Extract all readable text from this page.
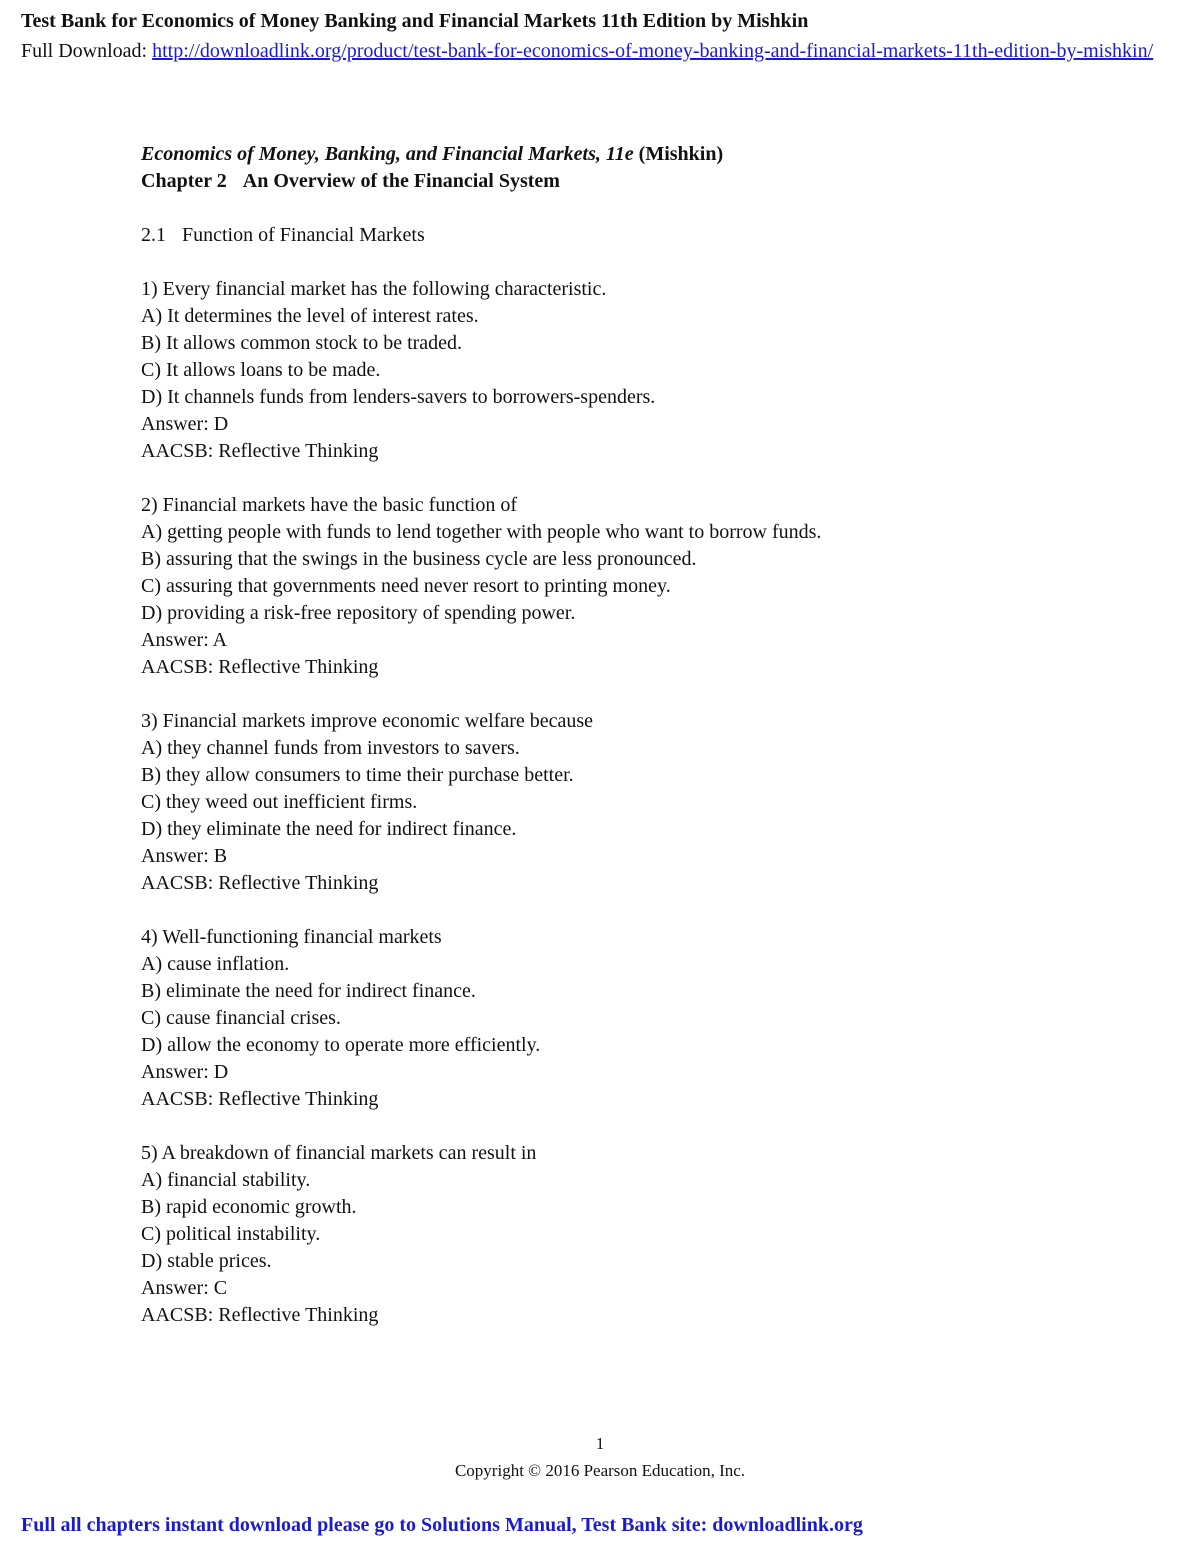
Test Bank for Economics of Money Banking and Financial Markets 11th Edition by Mishkin
Full Download: http://downloadlink.org/product/test-bank-for-economics-of-money-banking-and-financial-markets-11th-edition-by-mishkin/
Economics of Money, Banking, and Financial Markets, 11e (Mishkin)
Chapter 2 An Overview of the Financial System
2.1 Function of Financial Markets
1) Every financial market has the following characteristic.
A) It determines the level of interest rates.
B) It allows common stock to be traded.
C) It allows loans to be made.
D) It channels funds from lenders-savers to borrowers-spenders.
Answer: D
AACSB: Reflective Thinking
2) Financial markets have the basic function of
A) getting people with funds to lend together with people who want to borrow funds.
B) assuring that the swings in the business cycle are less pronounced.
C) assuring that governments need never resort to printing money.
D) providing a risk-free repository of spending power.
Answer: A
AACSB: Reflective Thinking
3) Financial markets improve economic welfare because
A) they channel funds from investors to savers.
B) they allow consumers to time their purchase better.
C) they weed out inefficient firms.
D) they eliminate the need for indirect finance.
Answer: B
AACSB: Reflective Thinking
4) Well-functioning financial markets
A) cause inflation.
B) eliminate the need for indirect finance.
C) cause financial crises.
D) allow the economy to operate more efficiently.
Answer: D
AACSB: Reflective Thinking
5) A breakdown of financial markets can result in
A) financial stability.
B) rapid economic growth.
C) political instability.
D) stable prices.
Answer: C
AACSB: Reflective Thinking
1
Copyright © 2016 Pearson Education, Inc.
Full all chapters instant download please go to Solutions Manual, Test Bank site: downloadlink.org
